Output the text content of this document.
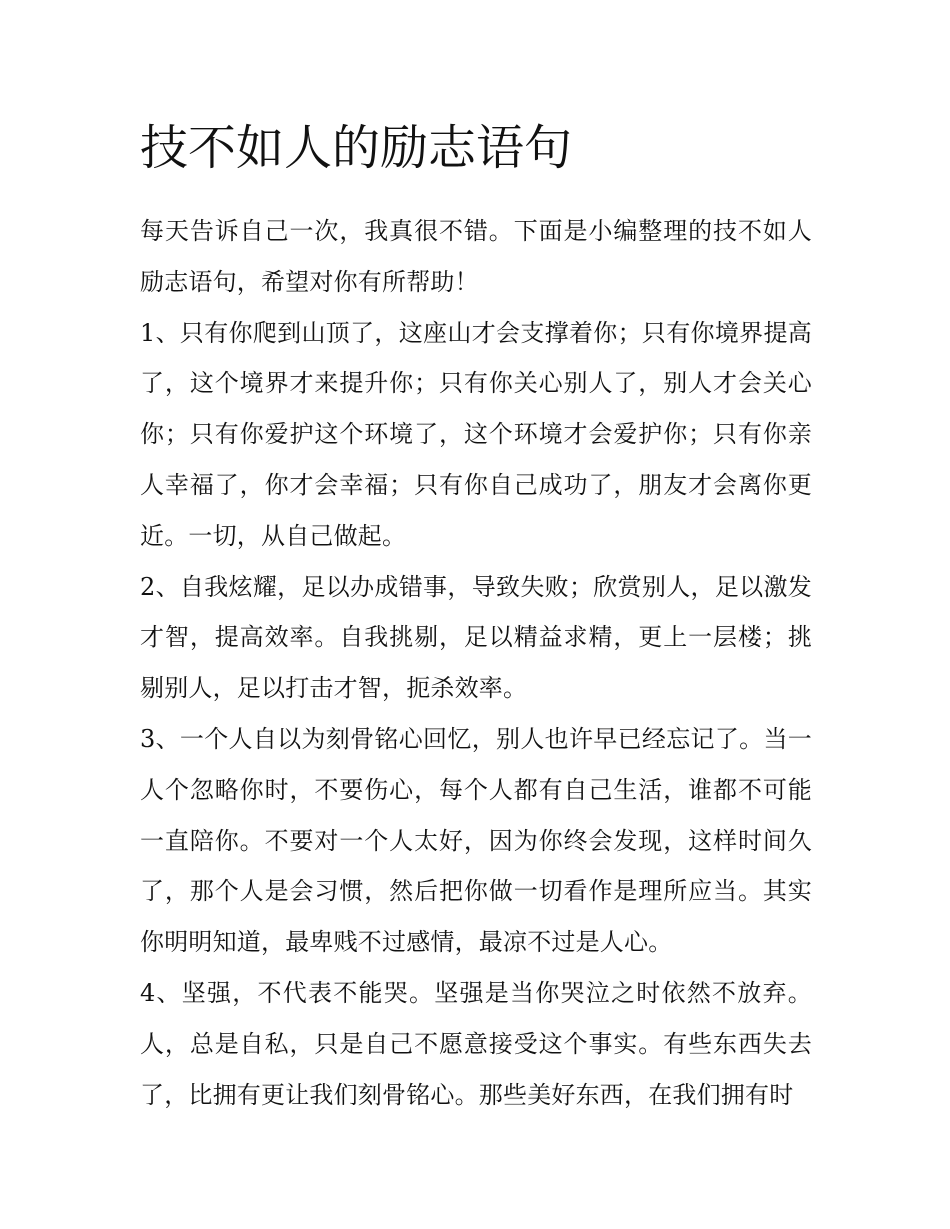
技不如人的励志语句

每天告诉自己一次，我真很不错。下面是小编整理的技不如人励志语句，希望对你有所帮助！

1、只有你爬到山顶了，这座山才会支撑着你；只有你境界提高了，这个境界才来提升你；只有你关心别人了，别人才会关心你；只有你爱护这个环境了，这个环境才会爱护你；只有你亲人幸福了，你才会幸福；只有你自己成功了，朋友才会离你更近。一切，从自己做起。

2、自我炫耀，足以办成错事，导致失败；欣赏别人，足以激发才智，提高效率。自我挑剔，足以精益求精，更上一层楼；挑剔别人，足以打击才智，扼杀效率。

3、一个人自以为刻骨铭心回忆，别人也许早已经忘记了。当一人个忽略你时，不要伤心，每个人都有自己生活，谁都不可能一直陪你。不要对一个人太好，因为你终会发现，这样时间久了，那个人是会习惯，然后把你做一切看作是理所应当。其实你明明知道，最卑贱不过感情，最凉不过是人心。

4、坚强，不代表不能哭。坚强是当你哭泣之时依然不放弃。人，总是自私，只是自己不愿意接受这个事实。有些东西失去了，比拥有更让我们刻骨铭心。那些美好东西，在我们拥有时
